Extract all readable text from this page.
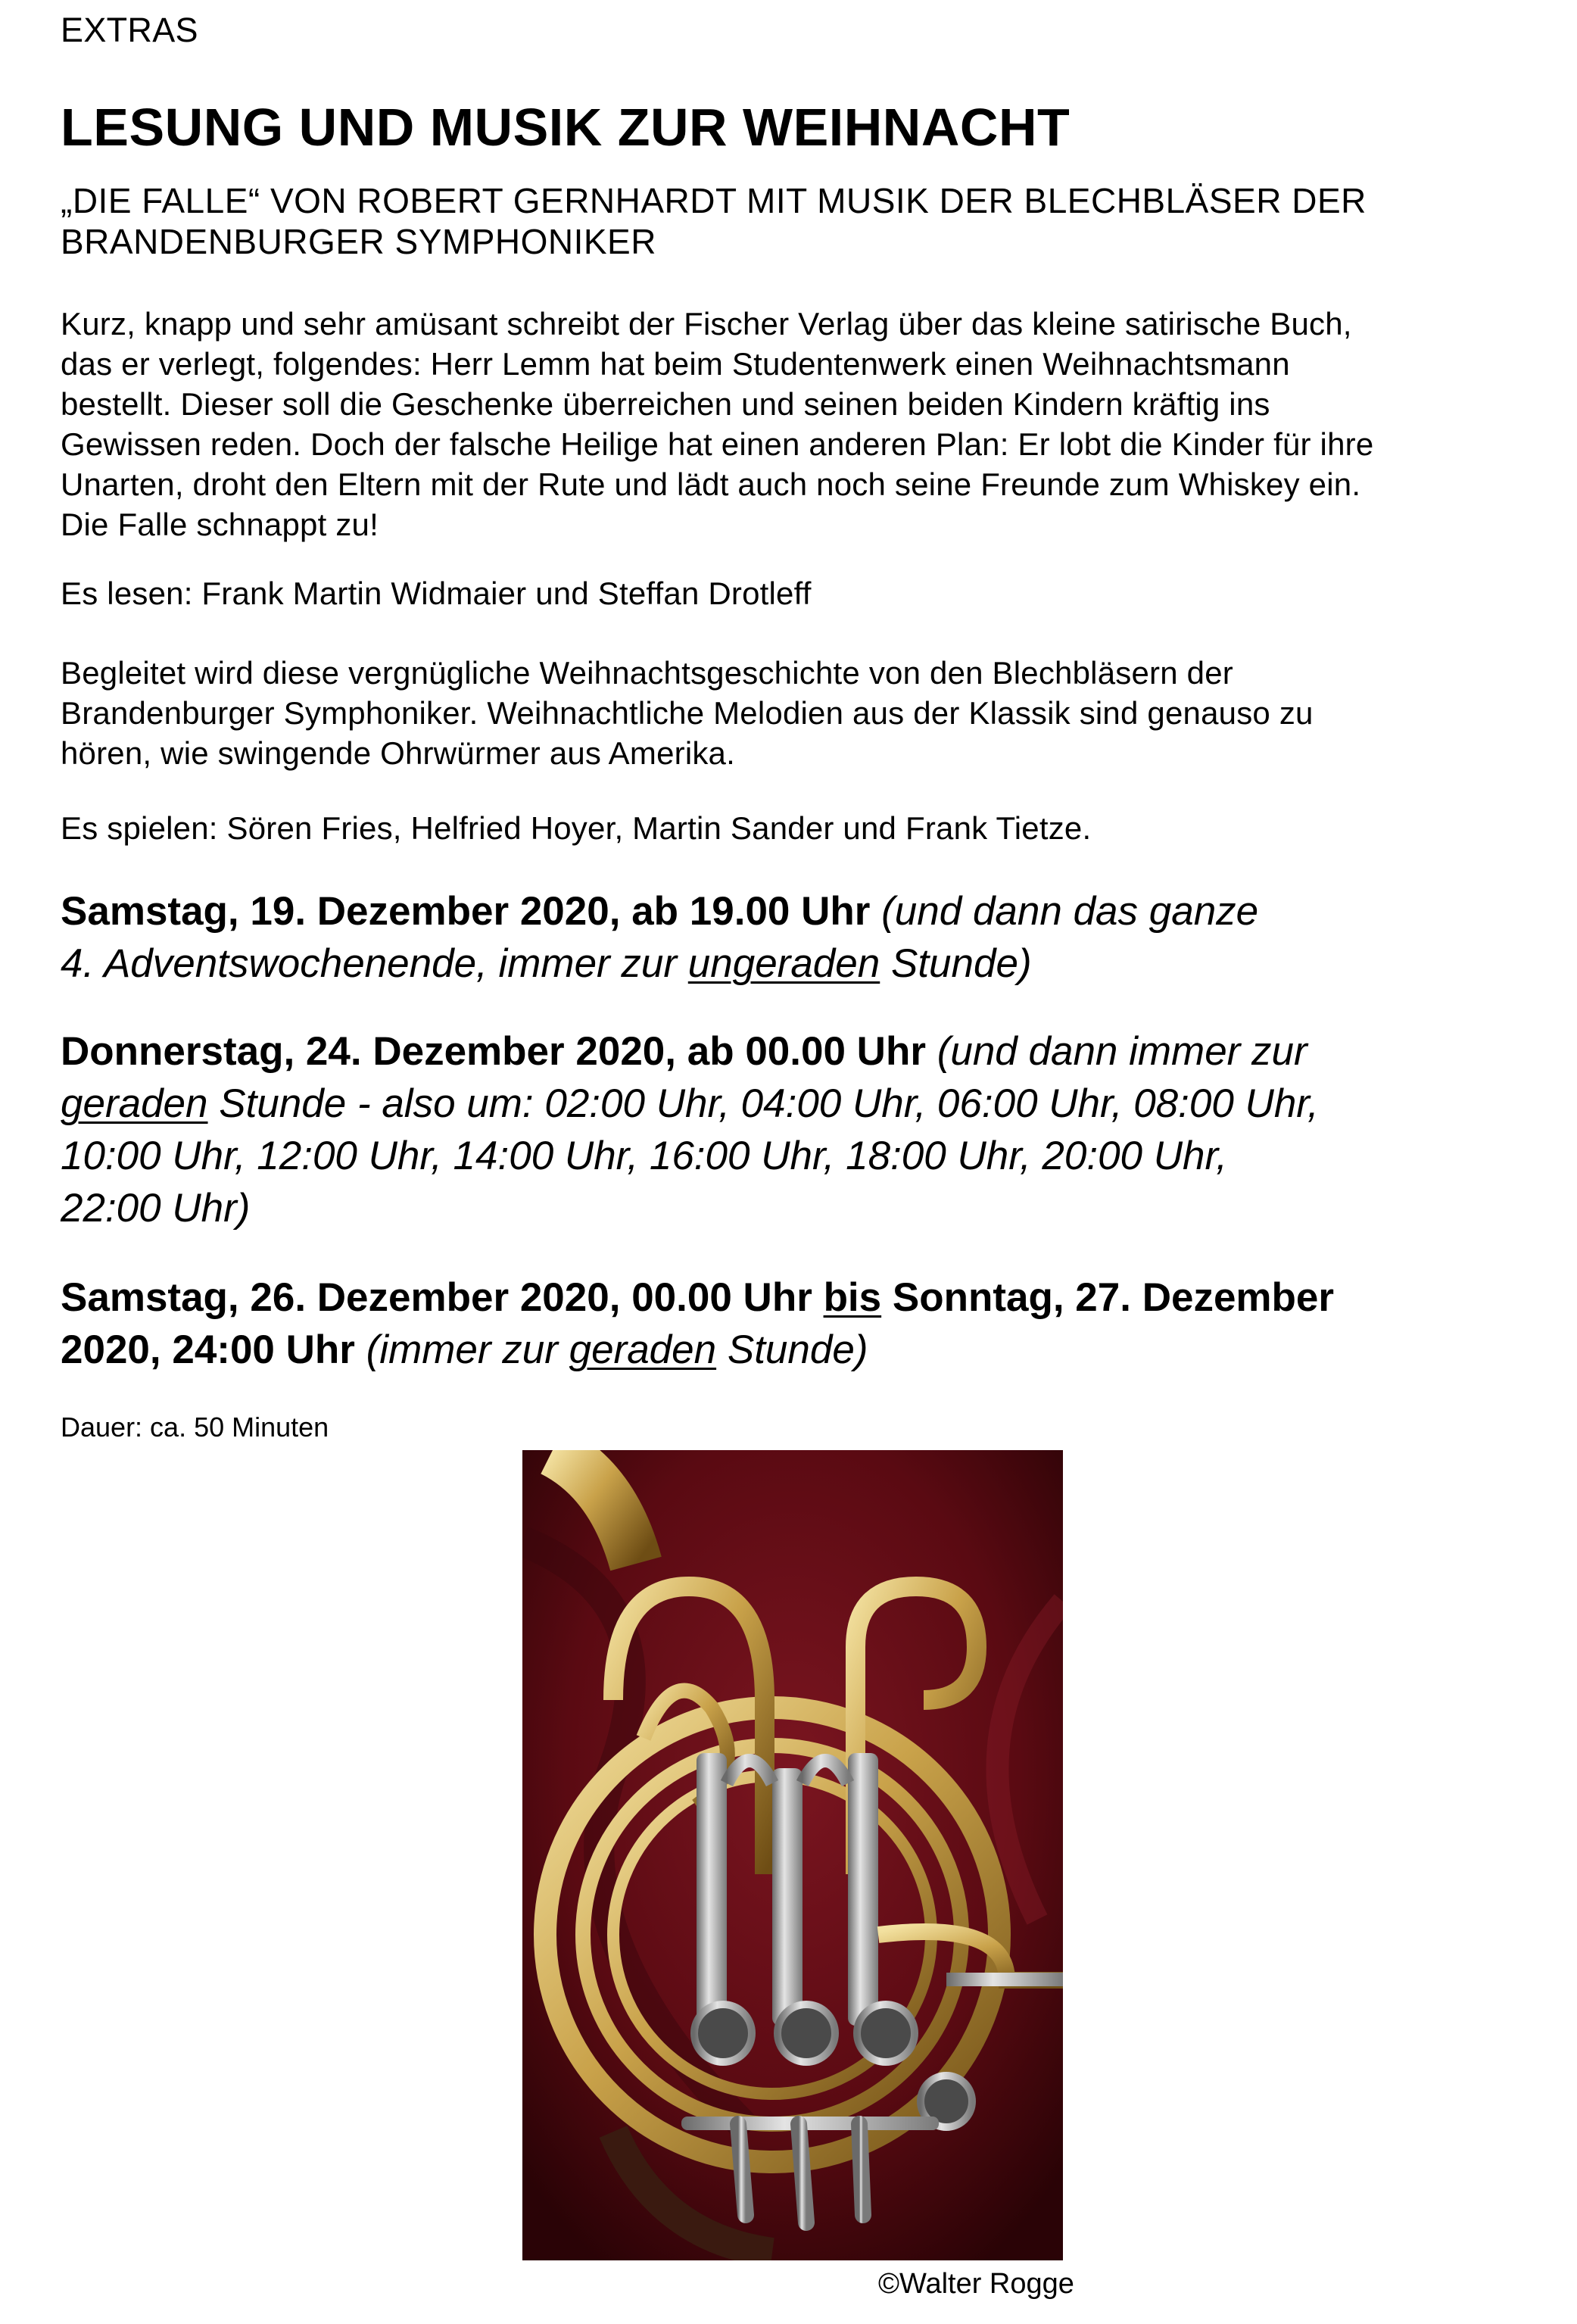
EXTRAS
LESUNG UND MUSIK ZUR WEIHNACHT
„DIE FALLE“ VON ROBERT GERNHARDT MIT MUSIK DER BLECHBLÄSER DER
BRANDENBURGER SYMPHONIKER
Kurz, knapp und sehr amüsant schreibt der Fischer Verlag über das kleine satirische Buch,
das er verlegt, folgendes: Herr Lemm hat beim Studentenwerk einen Weihnachtsmann
bestellt. Dieser soll die Geschenke überreichen und seinen beiden Kindern kräftig ins
Gewissen reden. Doch der falsche Heilige hat einen anderen Plan: Er lobt die Kinder für ihre
Unarten, droht den Eltern mit der Rute und lädt auch noch seine Freunde zum Whiskey ein.
Die Falle schnappt zu!
Es lesen: Frank Martin Widmaier und Steffan Drotleff
Begleitet wird diese vergnügliche Weihnachtsgeschichte von den Blechbläsern der
Brandenburger Symphoniker. Weihnachtliche Melodien aus der Klassik sind genauso zu
hören, wie swingende Ohrwürmer aus Amerika.
Es spielen: Sören Fries, Helfried Hoyer, Martin Sander und Frank Tietze.
Samstag, 19. Dezember 2020, ab 19.00 Uhr (und dann das ganze
4. Adventswochenende, immer zur ungeraden Stunde)
Donnerstag, 24. Dezember 2020, ab 00.00 Uhr (und dann immer zur
geraden Stunde - also um: 02:00 Uhr, 04:00 Uhr, 06:00 Uhr, 08:00 Uhr,
10:00 Uhr, 12:00 Uhr, 14:00 Uhr, 16:00 Uhr, 18:00 Uhr, 20:00 Uhr,
22:00 Uhr)
Samstag, 26. Dezember 2020, 00.00 Uhr bis Sonntag, 27. Dezember
2020, 24:00 Uhr (immer zur geraden Stunde)
Dauer: ca. 50 Minuten
©Walter Rogge
